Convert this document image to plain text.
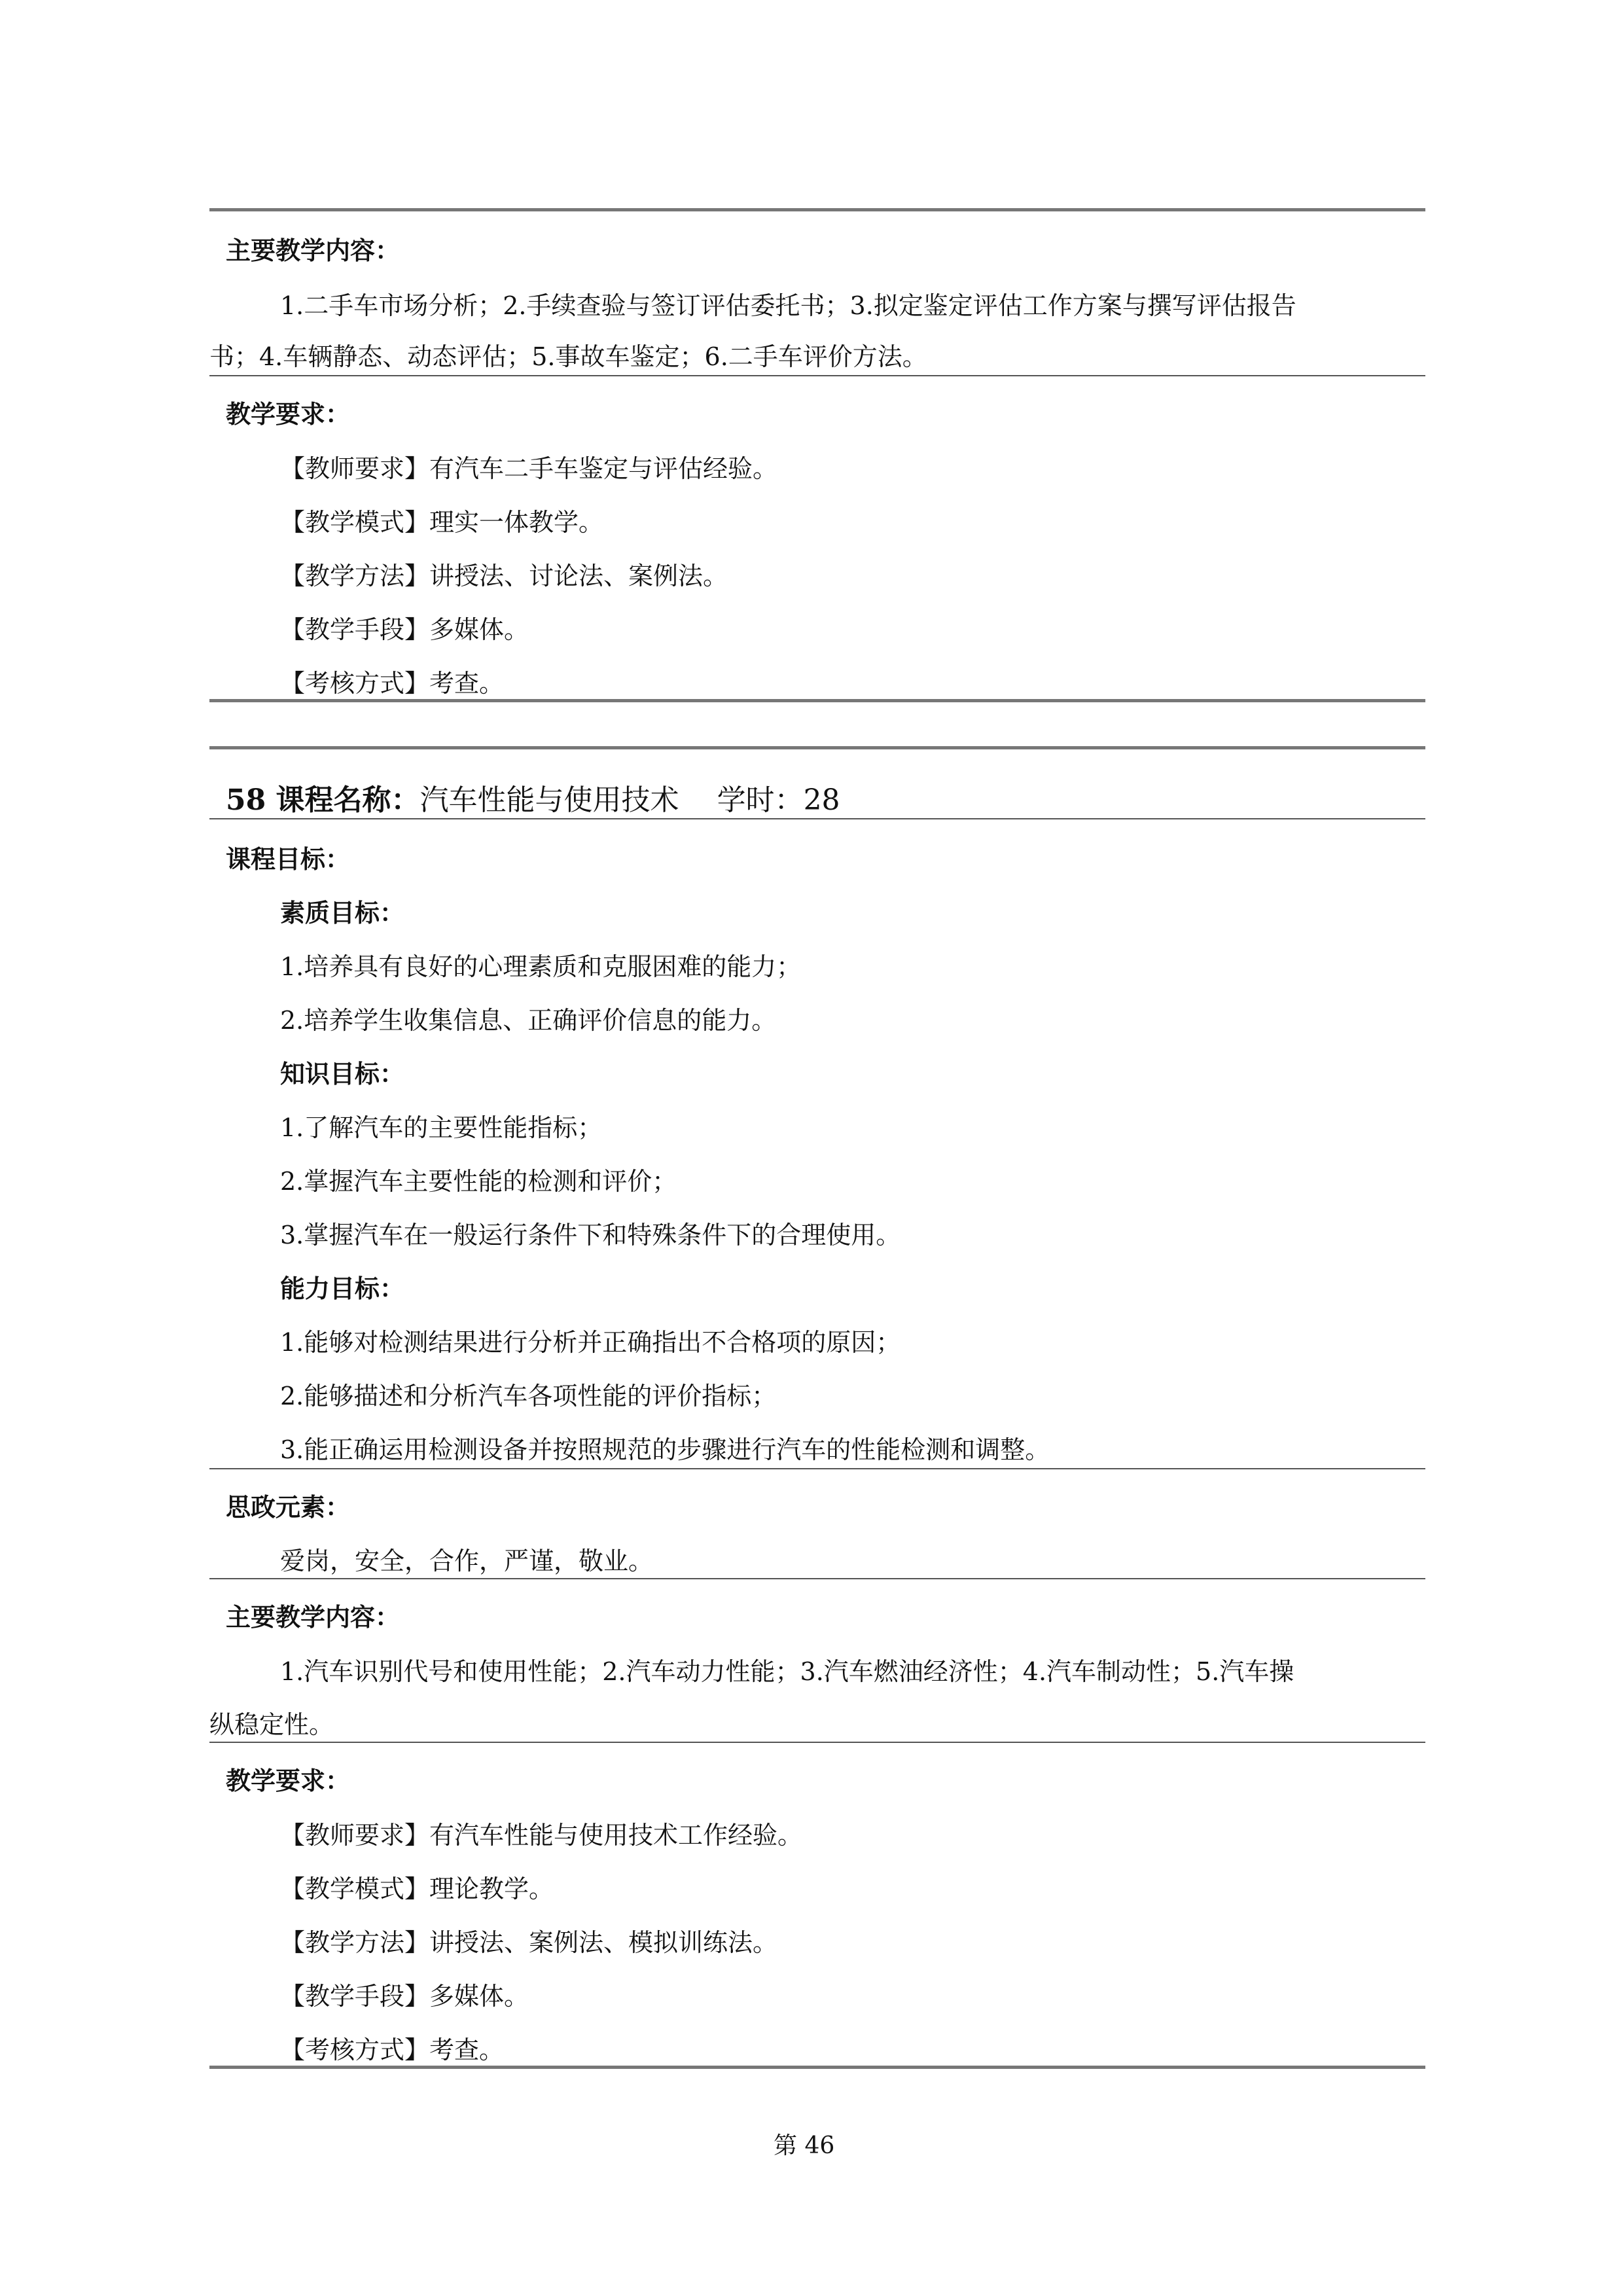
主要教学内容：
1.二手车市场分析；2.手续查验与签订评估委托书；3.拟定鉴定评估工作方案与撰写评估报告
书；4.车辆静态、动态评估；5.事故车鉴定；6.二手车评价方法。
教学要求：
【教师要求】有汽车二手车鉴定与评估经验。
【教学模式】理实一体教学。
【教学方法】讲授法、讨论法、案例法。
【教学手段】多媒体。
【考核方式】考查。
58 课程名称：汽车性能与使用技术 学时：28
课程目标：
素质目标：
1.培养具有良好的心理素质和克服困难的能力；
2.培养学生收集信息、正确评价信息的能力。
知识目标：
1.了解汽车的主要性能指标；
2.掌握汽车主要性能的检测和评价；
3.掌握汽车在一般运行条件下和特殊条件下的合理使用。
能力目标：
1.能够对检测结果进行分析并正确指出不合格项的原因；
2.能够描述和分析汽车各项性能的评价指标；
3.能正确运用检测设备并按照规范的步骤进行汽车的性能检测和调整。
思政元素：
爱岗，安全，合作，严谨，敬业。
主要教学内容：
1.汽车识别代号和使用性能；2.汽车动力性能；3.汽车燃油经济性；4.汽车制动性；5.汽车操
纵稳定性。
教学要求：
【教师要求】有汽车性能与使用技术工作经验。
【教学模式】理论教学。
【教学方法】讲授法、案例法、模拟训练法。
【教学手段】多媒体。
【考核方式】考查。
第 46
